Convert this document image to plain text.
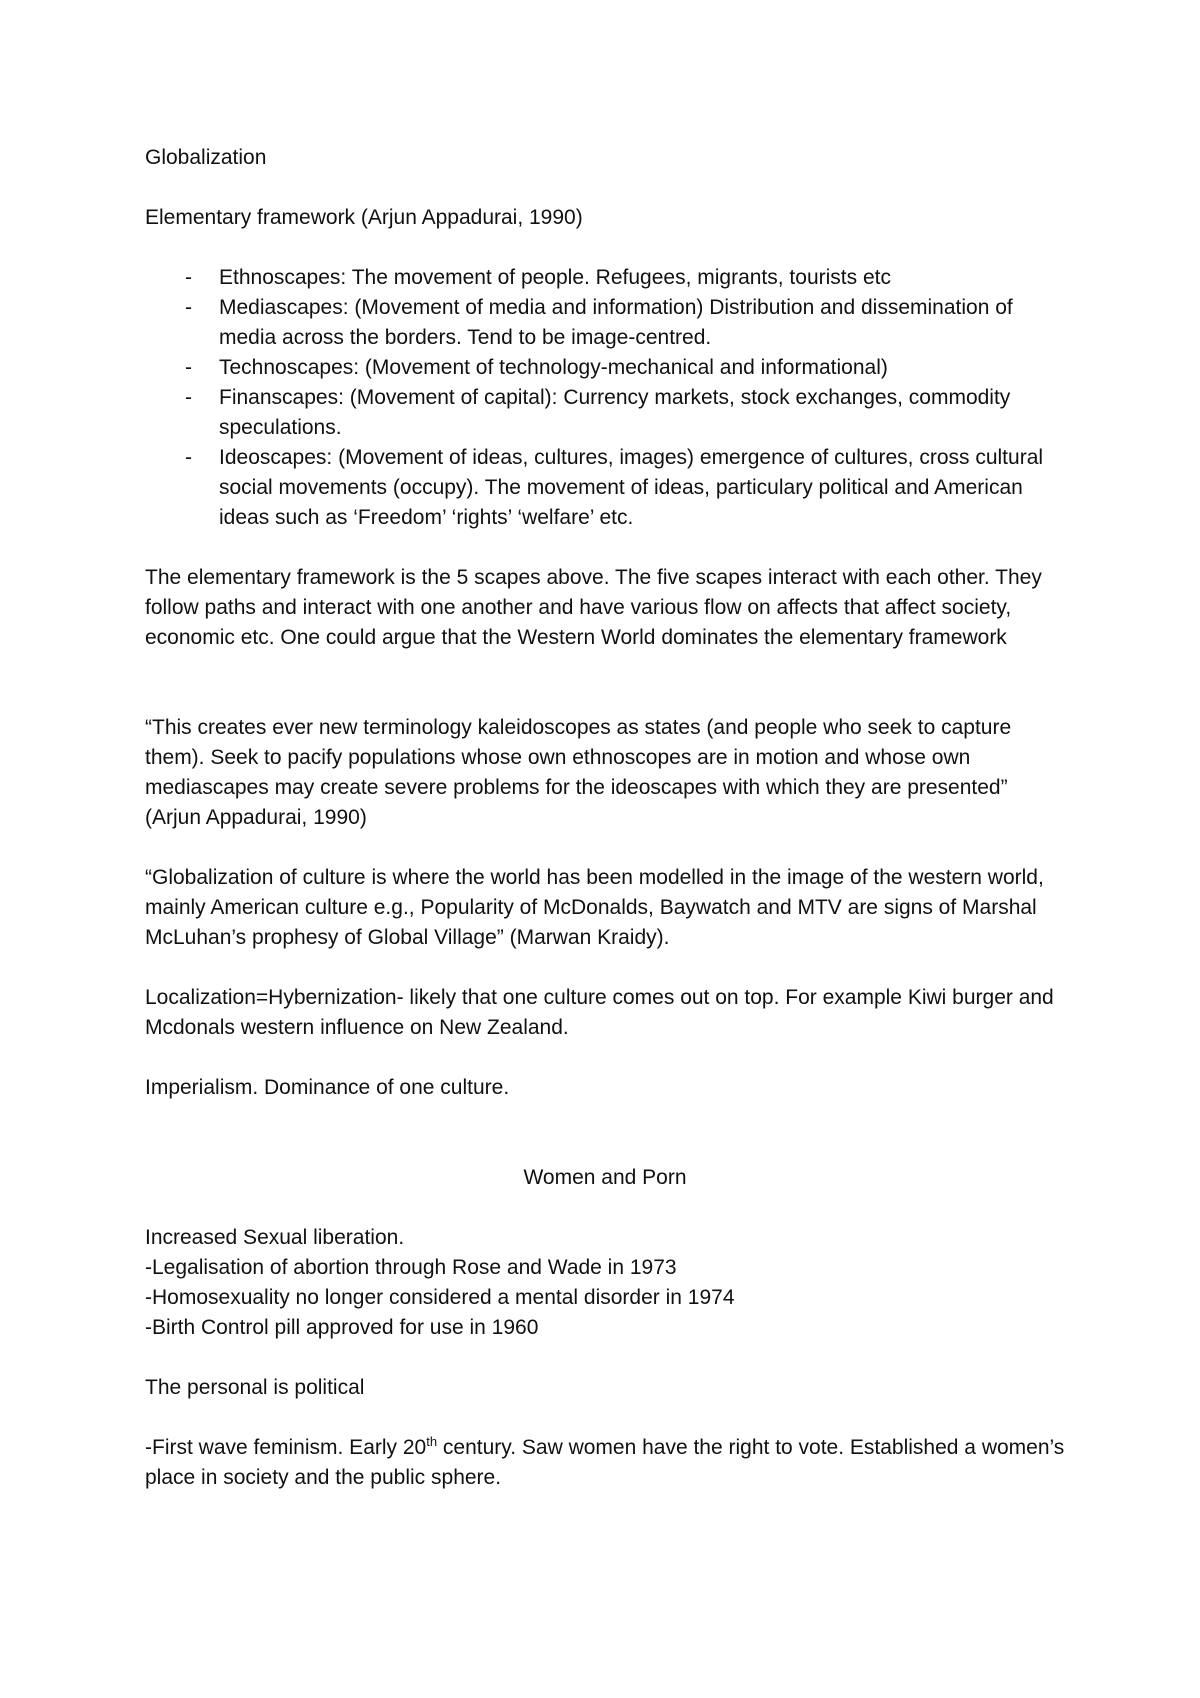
Globalization

Elementary framework (Arjun Appadurai, 1990)

- Ethnoscapes: The movement of people. Refugees, migrants, tourists etc
- Mediascapes: (Movement of media and information) Distribution and dissemination of media across the borders. Tend to be image-centred.
- Technoscapes: (Movement of technology-mechanical and informational)
- Finanscapes: (Movement of capital): Currency markets, stock exchanges, commodity speculations.
- Ideoscapes: (Movement of ideas, cultures, images) emergence of cultures, cross cultural social movements (occupy). The movement of ideas, particulary political and American ideas such as ‘Freedom’ ‘rights’ ‘welfare’ etc.

The elementary framework is the 5 scapes above. The five scapes interact with each other. They follow paths and interact with one another and have various flow on affects that affect society, economic etc. One could argue that the Western World dominates the elementary framework

“This creates ever new terminology kaleidoscopes as states (and people who seek to capture them). Seek to pacify populations whose own ethnoscopes are in motion and whose own mediascapes may create severe problems for the ideoscapes with which they are presented” (Arjun Appadurai, 1990)

“Globalization of culture is where the world has been modelled in the image of the western world, mainly American culture e.g., Popularity of McDonalds, Baywatch and MTV are signs of Marshal McLuhan’s prophesy of Global Village” (Marwan Kraidy).

Localization=Hybernization- likely that one culture comes out on top. For example Kiwi burger and Mcdonals western influence on New Zealand.

Imperialism. Dominance of one culture.

Women and Porn

Increased Sexual liberation.

-Legalisation of abortion through Rose and Wade in 1973

-Homosexuality no longer considered a mental disorder in 1974

-Birth Control pill approved for use in 1960

The personal is political

-First wave feminism. Early 20th century. Saw women have the right to vote. Established a women’s place in society and the public sphere.
